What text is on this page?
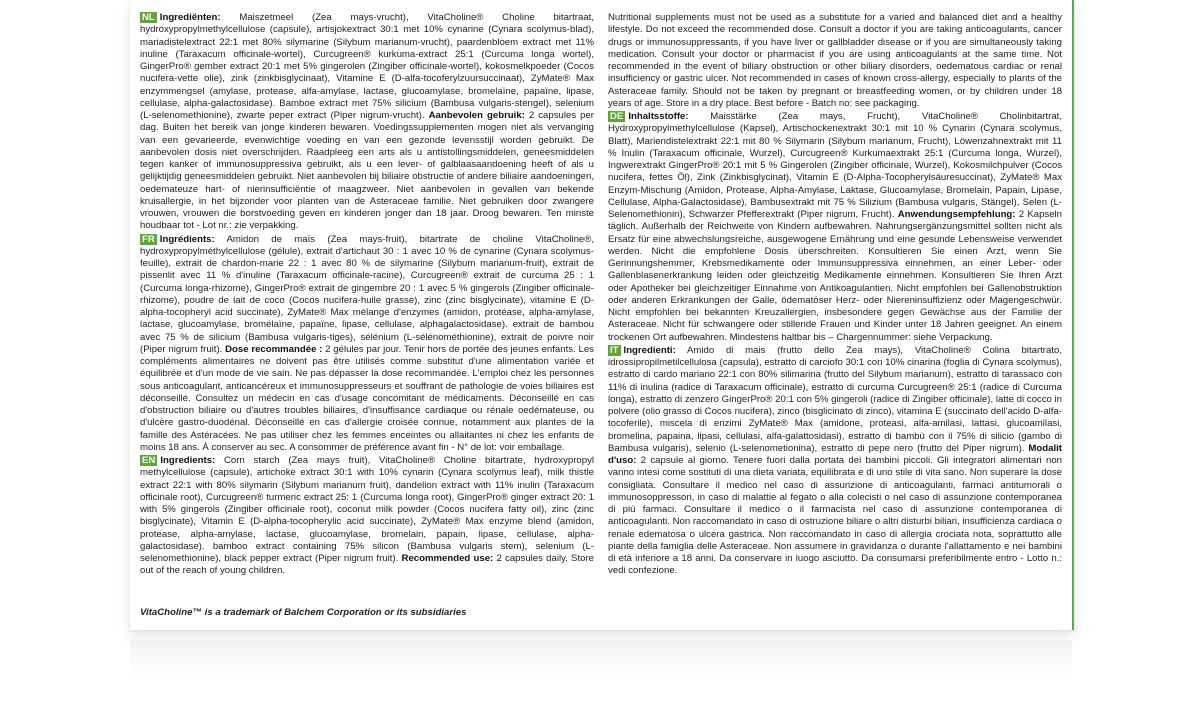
NL Ingrediënten: Maiszetmeel (Zea mays-vrucht), VitaCholine® Choline bitartraat, hydroxypropylmethylcellulose (capsule), artisjokextract 30:1 met 10% cynarine (Cynara scolymus-blad), mariadistelextract 22:1 met 80% silymarine (Silybum marianum-vrucht), paardenbloem extract met 11% inuline (Taraxacum officinale-wortel), Curcugreen® kurkuma-extract 25:1 (Curcuma longa wortel), GingerPro® gember extract 20:1 met 5% gingerolen (Zingiber officinale-wortel), kokosmelkpoeder (Cocos nucifera-vette olie), zink (zinkbisglycinaat), Vitamine E (D-alfa-tocoferylzuursuccinaat), ZyMate® Max enzymmengsel (amylase, protease, alfa-amylase, lactase, glucoamylase, bromelaïne, papaïne, lipase, cellulase, alpha-galactosidase). Bamboe extract met 75% silicium (Bambusa vulgaris-stengel), selenium (L-selenomethionine), zwarte peper extract (Piper nigrum-vrucht). Aanbevolen gebruik: 2 capsules per dag. Buiten het bereik van jonge kinderen bewaren. Voedingssupplementen mogen niet als vervanging van een gevarieerde, evenwichtige voeding en van een gezonde levensstijl worden gebruikt. De aanbevolen dosis niet overschrijden. Raadpleeg een arts als u antistollingsmiddelen, geneesmiddelen tegen kanker of immunosuppressiva gebruikt, als u een lever- of galblaasaandoening heeft of als u gelijktijdig geneesmiddelen gebruikt. Niet aanbevolen bij biliaire obstructie of andere biliaire aandoeningen, oedemateuze hart- of nierinsufficiëntie of maagzweer. Niet aanbevolen in gevallen van bekende kruisallergie, in het bijzonder voor planten van de Asteraceae familie. Niet gebruiken door zwangere vrouwen, vrouwen die borstvoeding geven en kinderen jonger dan 18 jaar. Droog bewaren. Ten minste houdbaar tot - Lot nr.: zie verpakking.
FR Ingrédients: Amidon de maïs (Zea mays-fruit), bitartrate de choline VitaCholine®, hydroxypropylméthylcellulose (gélule), extrait d'artichaut 30 : 1 avec 10 % de cynarine (Cynara scolymus-feuille), extrait de chardon-marie 22 : 1 avec 80 % de silymarine (Silybum marianum-fruit), extrait de pissenlit avec 11 % d'inuline (Taraxacum officinale-racine), Curcugreen® extrait de curcuma 25 : 1 (Curcuma longa-rhizome), GingerPro® extrait de gingembre 20 : 1 avec 5 % gingerols (Zingiber officinale-rhizome), poudre de lait de coco (Cocos nucifera-huile grasse), zinc (zinc bisglycinate), vitamine E (D-alpha-tocopheryl acid succinate), ZyMate® Max mélange d'enzymes (amidon, protéase, alpha-amylase, lactase, glucoamylase, bromélaïne, papaïne, lipase, cellulase, alphagalactosidase). extrait de bambou avec 75 % de silicium (Bambusa vulgaris-tiges), sélénium (L-sélénométhionine), extrait de poivre noir (Piper nigrum fruit). Dose recommandée : 2 gélules par jour. Tenir hors de portée des jeunes enfants. Les compléments alimentaires ne doivent pas être utilisés comme substitut d'une alimentation variée et équilibrée et d'un mode de vie sain. Ne pas dépasser la dose recommandée. L'emploi chez les personnes sous anticoagulant, anticancéreux et immunosuppresseurs et souffrant de pathologie de voies biliaires est déconseillé. Consultez un médecin en cas d'usage concomitant de médicaments. Déconseillé en cas d'obstruction biliaire ou d'autres troubles biliaires, d'insuffisance cardiaque ou rénale oedémateuse, ou d'ulcère gastro-duodénal. Déconseillé en cas d'allergie croisée connue, notamment aux plantes de la famille des Astéracées. Ne pas utiliser chez les femmes enceintes ou allaitantes ni chez les enfants de moins 18 ans. À conserver au sec. A consommer de préférence avant fin - N° de lot: voir emballage.
EN Ingredients: Corn starch (Zea mays fruit), VitaCholine® Choline bitartrate, hydroxypropyl methylcellulose (capsule), artichoke extract 30:1 with 10% cynarin (Cynara scolymus leaf), milk thistle extract 22:1 with 80% silymarin (Silybum marianum fruit), dandelion extract with 11% inulin (Taraxacum officinale root), Curcugreen® turmeric extract 25: 1 (Curcuma longa root), GingerPro® ginger extract 20: 1 with 5% gingerols (Zingiber officinale root), coconut milk powder (Cocos nucifera fatty oil), zinc (zinc bisglycinate), Vitamin E (D-alpha-tocopherylic acid succinate), ZyMate® Max enzyme blend (amidon, protease, alpha-amylase, lactase, glucoamylase, bromelain, papain, lipase, cellulase, alpha-galactosidase). bamboo extract containing 75% silicon (Bambusa vulgaris stem), selenium (L-selenomethionine), black pepper extract (Piper nigrum fruit). Recommended use: 2 capsules daily. Store out of the reach of young children.
VitaCholine™ is a trademark of Balchem Corporation or its subsidiaries
Nutritional supplements must not be used as a substitute for a varied and balanced diet and a healthy lifestyle. Do not exceed the recommended dose. Consult a doctor if you are taking anticoagulants, cancer drugs or immunosuppressants, if you have liver or gallbladder disease or if you are simultaneously taking medication. Consult your doctor or pharmacist if you are using anticoagulants at the same time. Not recommended in the event of biliary obstruction or other biliary disorders, oedematous cardiac or renal insufficiency or gastric ulcer. Not recommended in cases of known cross-allergy, especially to plants of the Asteraceae family. Should not be taken by pregnant or breastfeeding women, or by children under 18 years of age. Store in a dry place. Best before - Batch no: see packaging.
DE Inhaltsstoffe: Maisstärke (Zea mays, Frucht), VitaCholine® Cholinbitartrat, Hydroxypropylmethylcellulose (Kapsel), Artischockenextrakt 30:1 mit 10 % Cynarin (Cynara scolymus, Blatt), Mariendistelextrakt 22:1 mit 80 % Silymarin (Silybum marianum, Frucht), Löwenzahnextrakt mit 11 % Inulin (Taraxacum officinale, Wurzel), Curcugreen® Kurkumaextrakt 25:1 (Curcuma longa, Wurzel), Ingwerextrakt GingerPro® 20:1 mit 5 % Gingerolen (Zingiber officinale, Wurzel), Kokosmilchpulver (Cocos nucifera, fettes Öl), Zink (Zinkbisglycinat), Vitamin E (D-Alpha-Tocopherylsäuresuccinat), ZyMate® Max Enzym-Mischung (Amidon, Protease, Alpha-Amylase, Laktase, Glucoamylase, Bromelain, Papain, Lipase, Cellulase, Alpha-Galactosidase), Bambusextrakt mit 75 % Silizium (Bambusa vulgaris, Stängel), Selen (L-Selenomethionin), Schwarzer Pfefferextrakt (Piper nigrum, Frucht). Anwendungsempfehlung: 2 Kapseln täglich. Außerhalb der Reichweite von Kindern aufbewahren. Nahrungsergänzungsmittel sollten nicht als Ersatz für eine abwechslungsreiche, ausgewogene Ernährung und eine gesunde Lebensweise verwendet werden. Nicht die empfohlene Dosis überschreiten. Konsultieren Sie einen Arzt, wenn Sie Gerinnungshemmer, Krebsmedikamente oder Immunsuppressiva einnehmen, an einer Leber- oder Gallenblasenerkrankung leiden oder gleichzeitig Medikamente einnehmen. Konsultieren Sie Ihren Arzt oder Apotheker bei gleichzeitiger Einnahme von Antikoagulantien. Nicht empfohlen bei Gallenobstruktion oder anderen Erkrankungen der Galle, ödematöser Herz- oder Niereninsuffizienz oder Magengeschwür. Nicht empfohlen bei bekannten Kreuzallergien, insbesondere gegen Gewächse aus der Familie der Asteraceae. Nicht für schwangere oder stillende Frauen und Kinder unter 18 Jahren geeignet. An einem trockenen Ort aufbewahren. Mindestens haltbar bis – Chargennummer: siehe Verpackung.
IT Ingredienti: Amido di mais (frutto dello Zea mays), VitaCholine® Colina bitartrato, idrossipropilmetilcellulosa (capsula), estratto di carciofo 30:1 con 10% cinarina (foglia di Cynara scolymus), estratto di cardo mariano 22:1 con 80% silimarina (frutto del Silybum marianum), estratto di tarassaco con 11% di inulina (radice di Taraxacum officinale), estratto di curcuma Curcugreen® 25:1 (radice di Curcuma longa), estratto di zenzero GingerPro® 20:1 con 5% gingeroli (radice di Zingiber officinale), latte di cocco in polvere (olio grasso di Cocos nucifera), zinco (bisglicinato di zinco), vitamina E (succinato dell'acido D-alfa-tocoferile), miscela di enzimi ZyMate® Max (amidone, proteasi, alfa-amilasi, lattasi, glucoamilasi, bromelina, papaina, lipasi, cellulasi, alfa-galattosidasi), estratto di bambù con il 75% di silicio (gambo di Bambusa vulgaris), selenio (L-selenometionina), estratto di pepe nero (frutto del Piper nigrum). Modalit d'uso: 2 capsule al giorno. Tenere fuori dalla portata dei bambini piccoli. Gli integratori alimentari non vanno intesi come sostituti di una dieta variata, equilibrata e di uno stile di vita sano. Non superare la dose consigliata. Consultare il medico nel caso di assunzione di anticoagulanti, farmaci antitumorali o immunosoppressori, in caso di malattie al fegato o alla colecisti o nel caso di assunzione contemporanea di più farmaci. Consultare il medico o il farmacista nel caso di assunzione contemporanea di anticoagulanti. Non raccomandato in caso di ostruzione biliare o altri disturbi biliari, insufficienza cardiaca o renale edematosa o ulcera gastrica. Non raccomandato in caso di allergia crociata nota, soprattutto alle piante della famiglia delle Asteraceae. Non assumere in gravidanza o durante l'allattamento e nei bambini di età inferiore a 18 anni. Da conservare in luogo asciutto. Da consumarsi preferibilmente entro - Lotto n.: vedi confezione.
